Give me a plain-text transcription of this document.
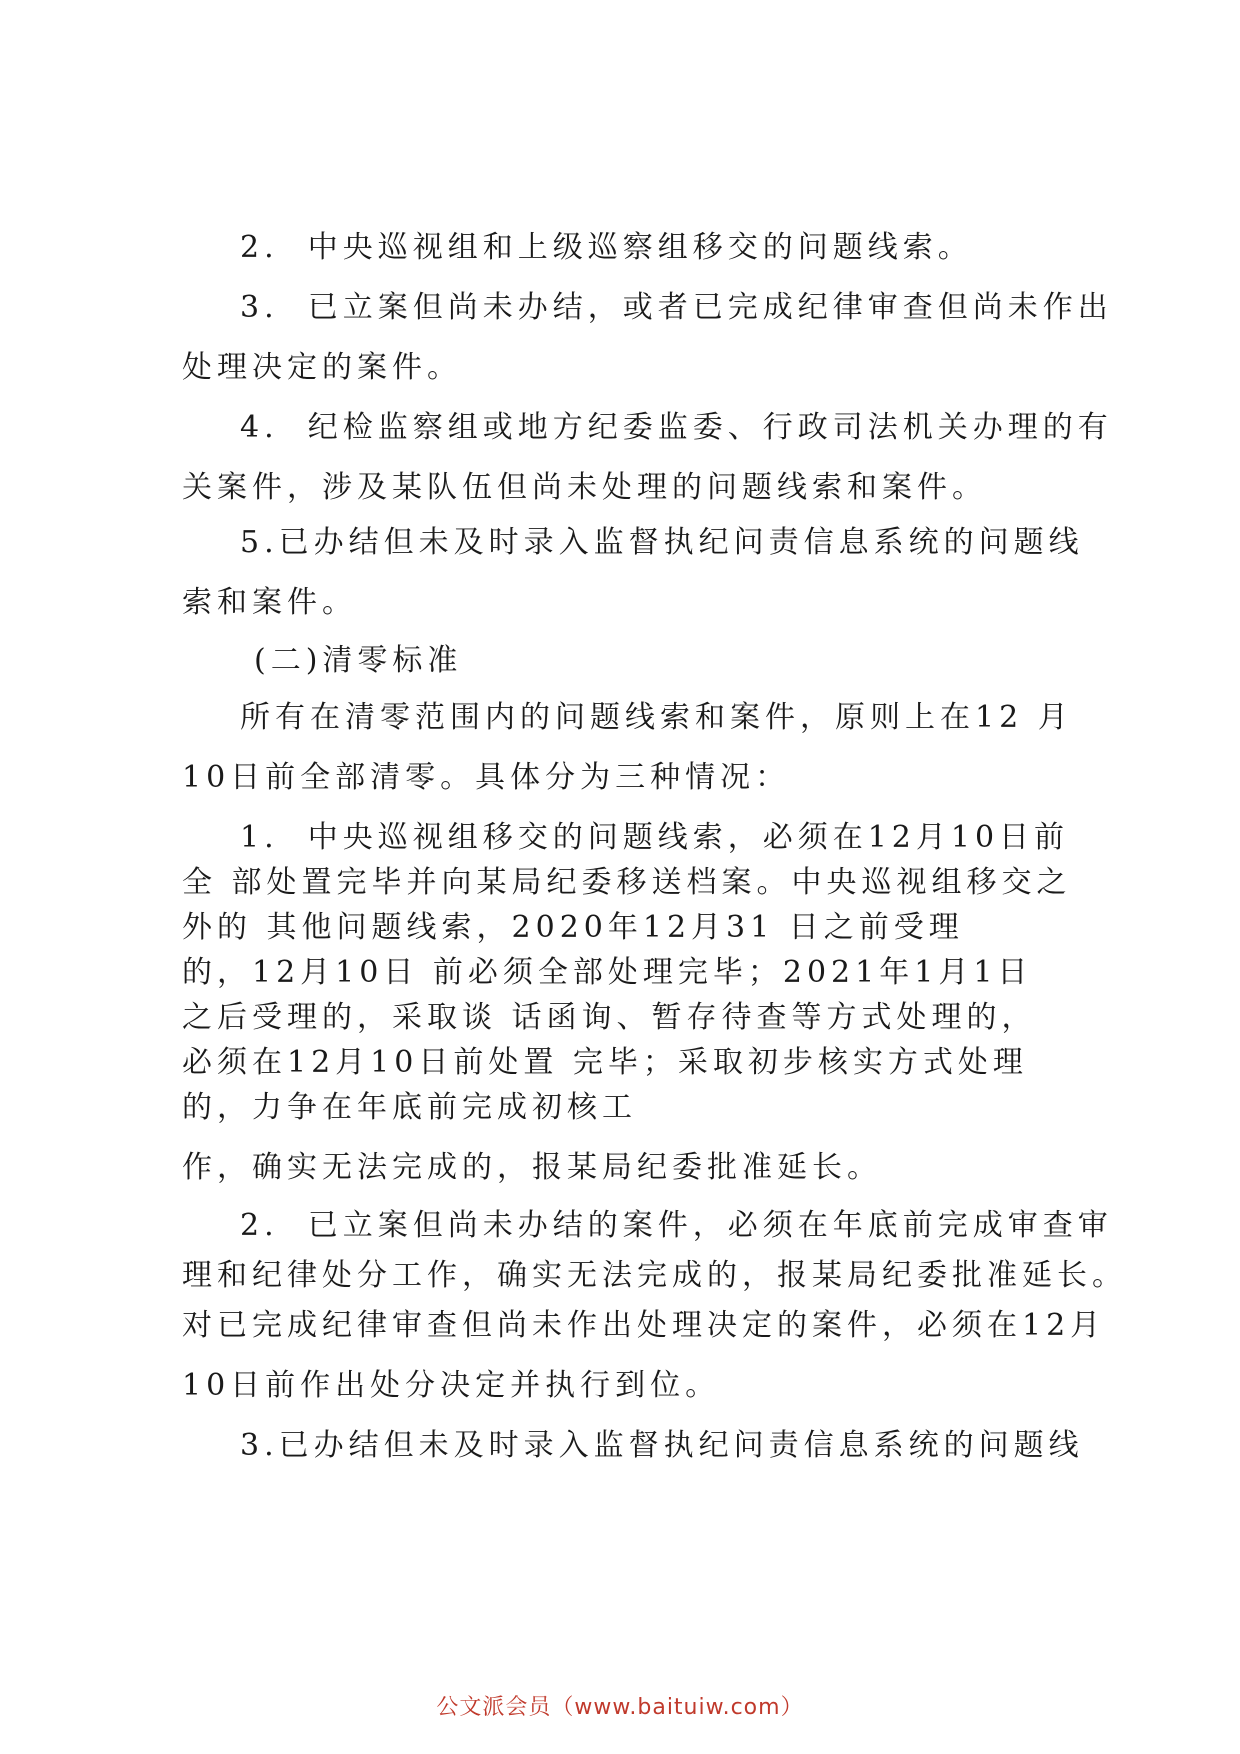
2.  中央巡视组和上级巡察组移交的问题线索。
3.  已立案但尚未办结，或者已完成纪律审查但尚未作出
处理决定的案件。
4.  纪检监察组或地方纪委监委、行政司法机关办理的有
关案件，涉及某队伍但尚未处理的问题线索和案件。
5.已办结但未及时录入监督执纪问责信息系统的问题线
索和案件。
(二)清零标准
所有在清零范围内的问题线索和案件，原则上在12 月
10日前全部清零。具体分为三种情况：
1.  中央巡视组移交的问题线索，必须在12月10日前
全 部处置完毕并向某局纪委移送档案。中央巡视组移交之
外的 其他问题线索，2020年12月31 日之前受理
的，12月10日 前必须全部处理完毕；2021年1月1日
之后受理的，采取谈 话函询、暂存待查等方式处理的，
必须在12月10日前处置 完毕；采取初步核实方式处理
的，力争在年底前完成初核工
作，确实无法完成的，报某局纪委批准延长。
2.  已立案但尚未办结的案件，必须在年底前完成审查审
理和纪律处分工作，确实无法完成的，报某局纪委批准延长。
对已完成纪律审查但尚未作出处理决定的案件，必须在12月
10日前作出处分决定并执行到位。
3.已办结但未及时录入监督执纪问责信息系统的问题线
公文派会员（www.baituiw.com）
